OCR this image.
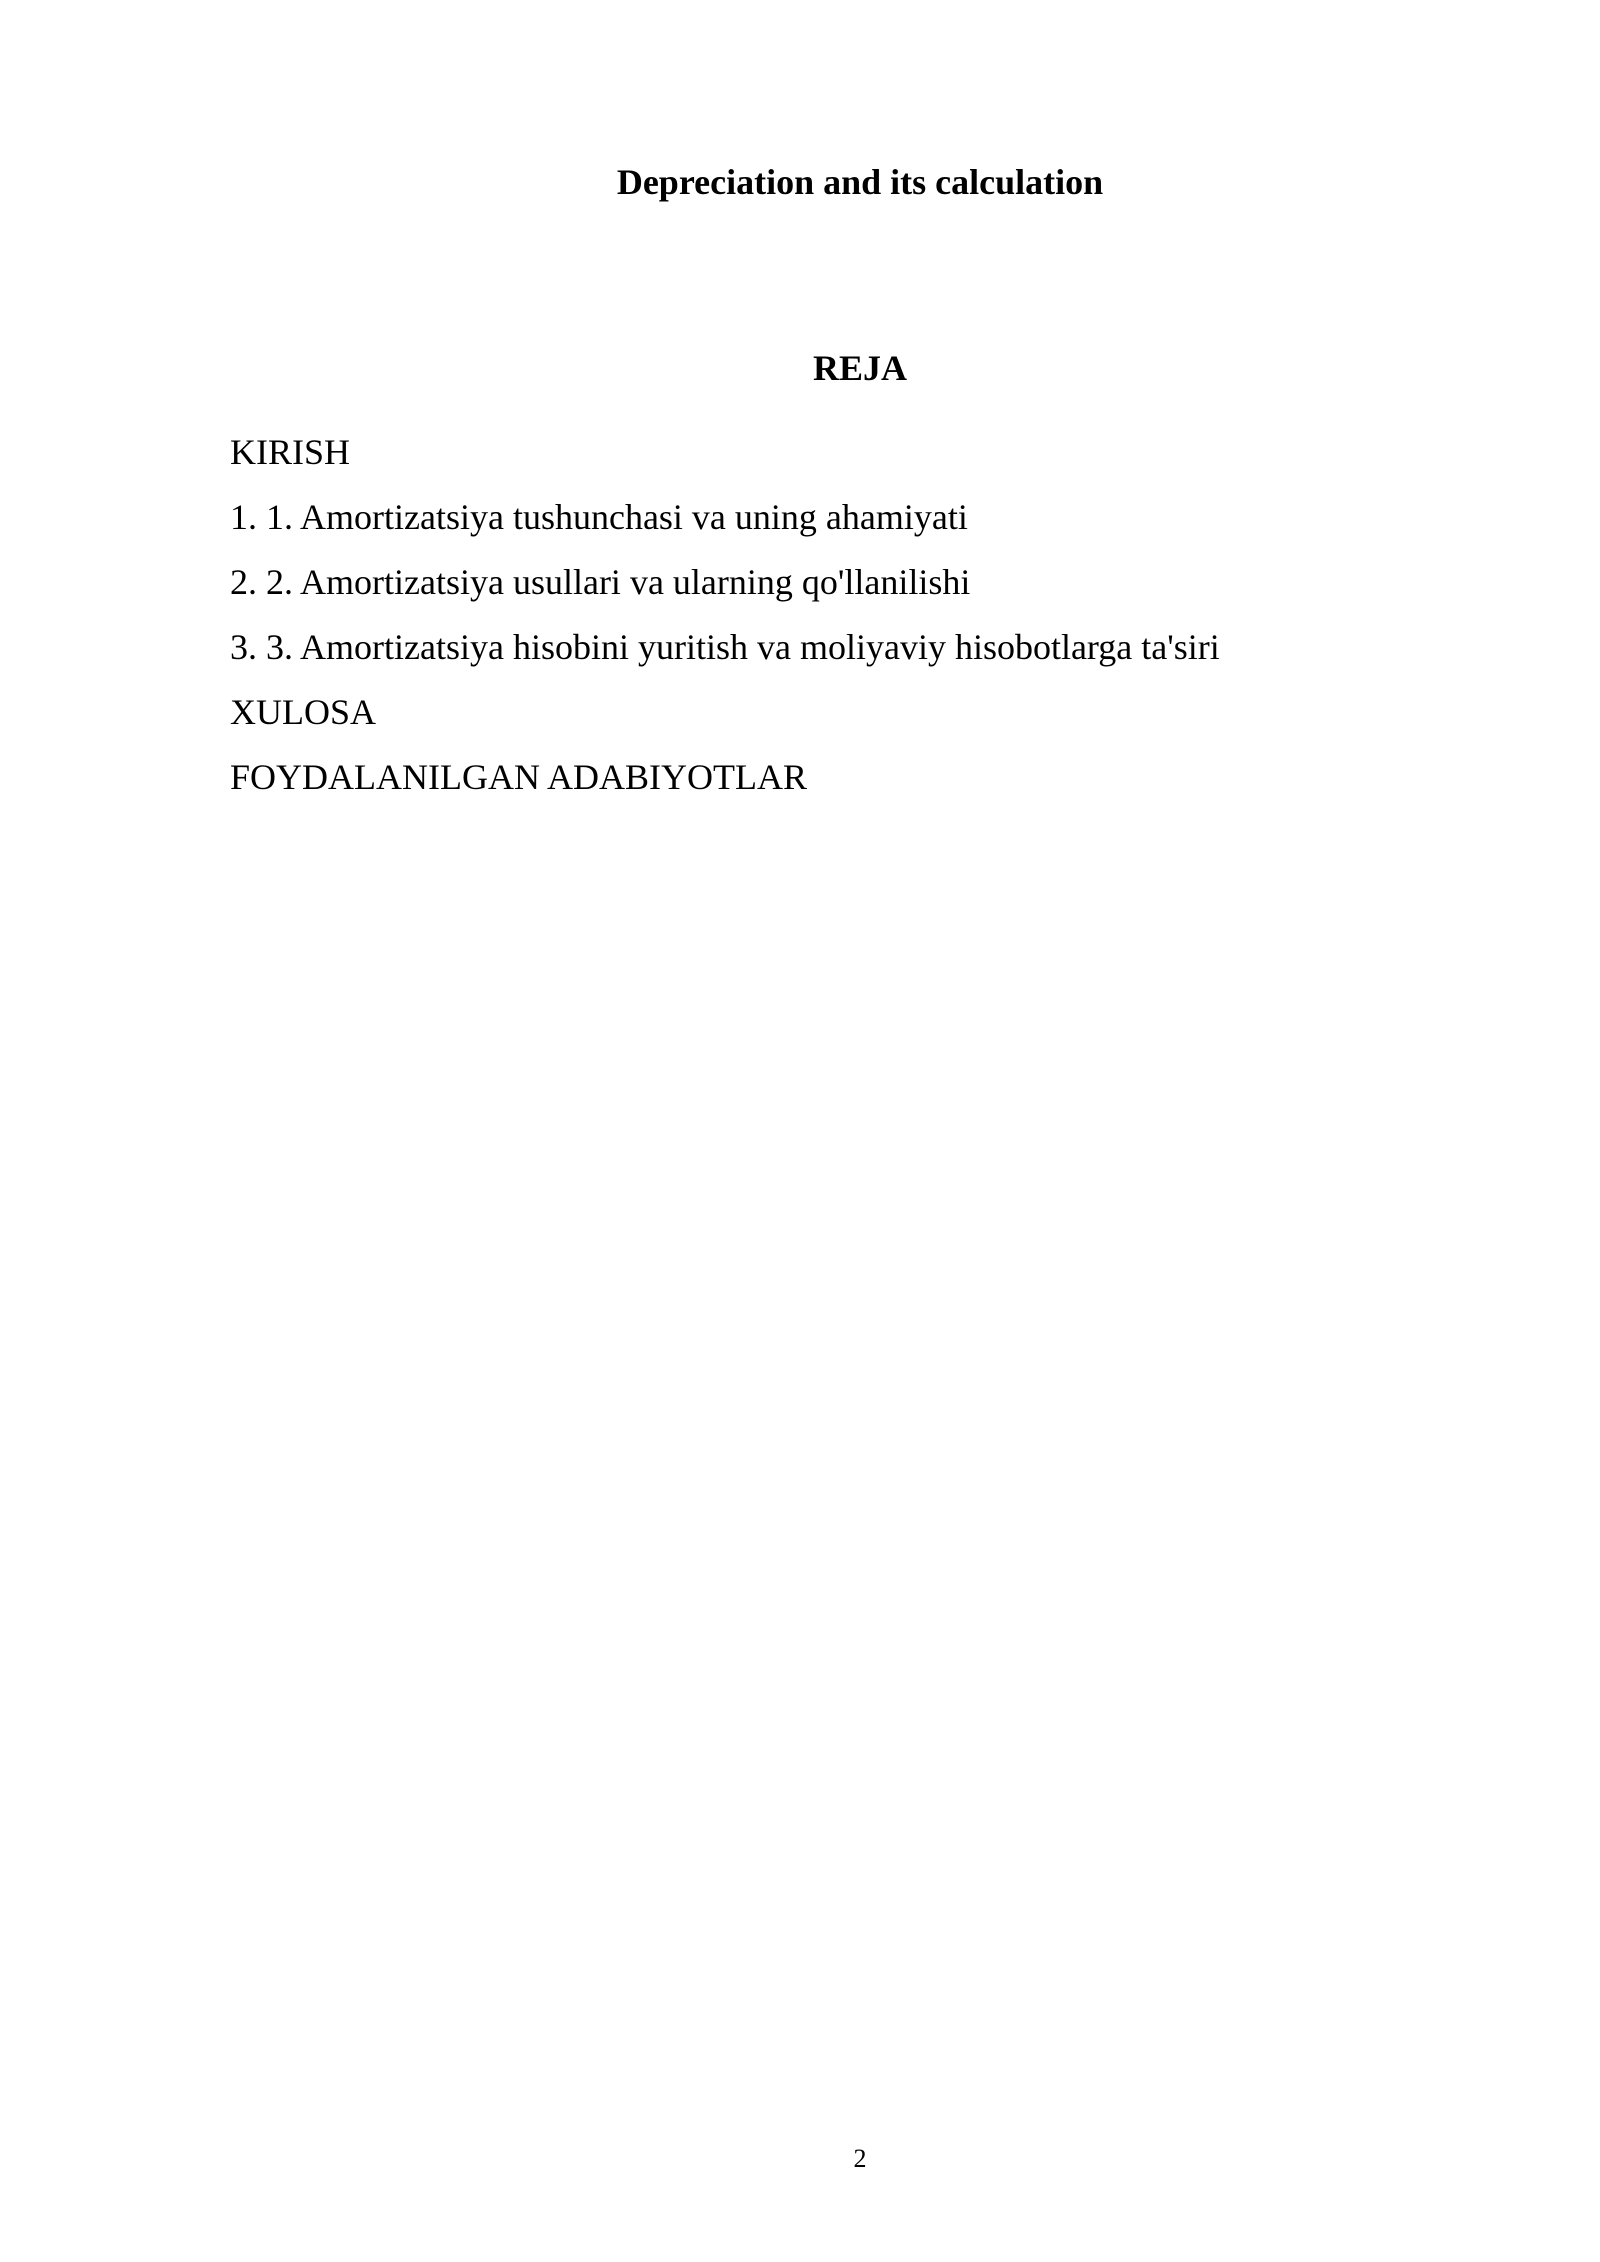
Depreciation and its calculation
REJA
KIRISH
1. 1. Amortizatsiya tushunchasi va uning ahamiyati
2. 2. Amortizatsiya usullari va ularning qo'llanilishi
3. 3. Amortizatsiya hisobini yuritish va moliyaviy hisobotlarga ta'siri
XULOSA
FOYDALANILGAN ADABIYOTLAR
2
